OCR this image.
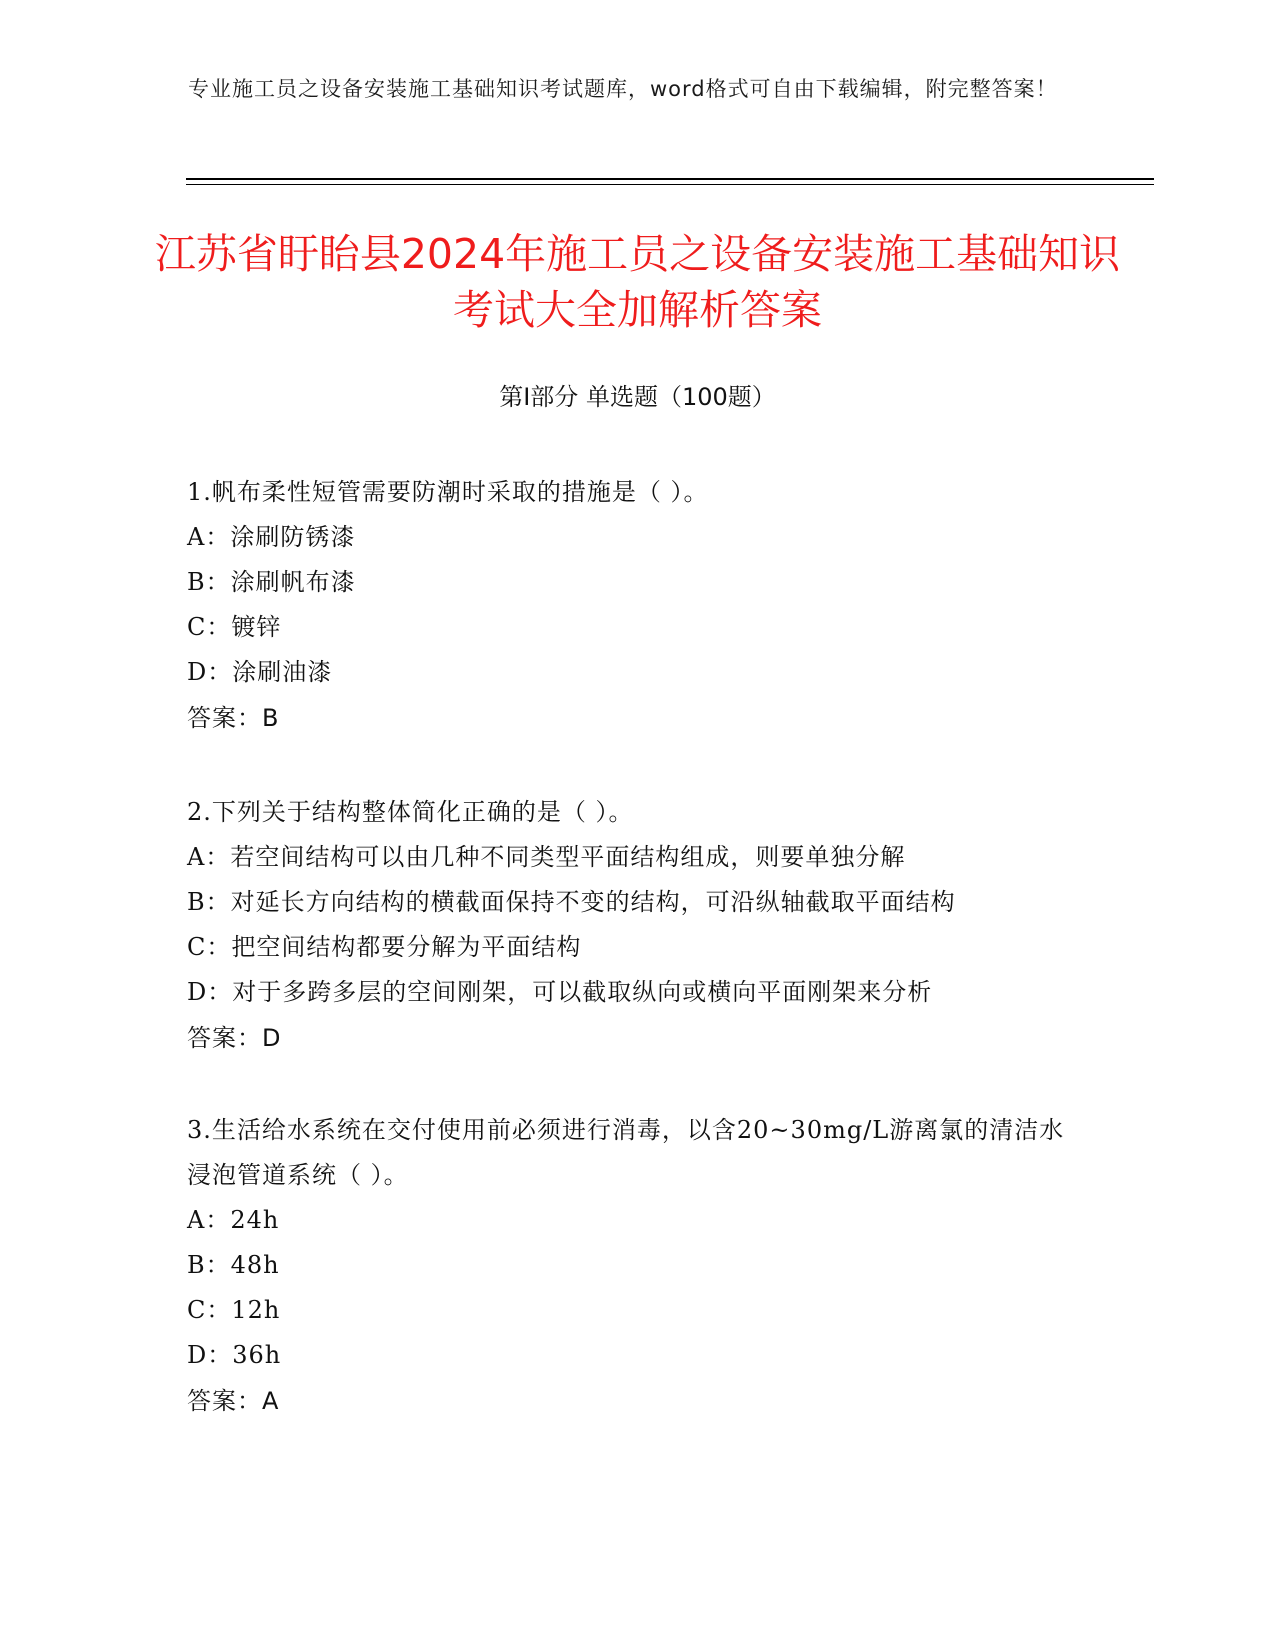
专业施工员之设备安装施工基础知识考试题库，word格式可自由下载编辑，附完整答案！
江苏省盱眙县2024年施工员之设备安装施工基础知识考试大全加解析答案
第Ⅰ部分 单选题（100题）
1.帆布柔性短管需要防潮时采取的措施是（ ）。
A：涂刷防锈漆
B：涂刷帆布漆
C：镀锌
D：涂刷油漆
答案：B
2.下列关于结构整体简化正确的是（ ）。
A：若空间结构可以由几种不同类型平面结构组成，则要单独分解
B：对延长方向结构的横截面保持不变的结构，可沿纵轴截取平面结构
C：把空间结构都要分解为平面结构
D：对于多跨多层的空间刚架，可以截取纵向或横向平面刚架来分析
答案：D
3.生活给水系统在交付使用前必须进行消毒，以含20~30mg/L游离氯的清洁水浸泡管道系统（ ）。
A：24h
B：48h
C：12h
D：36h
答案：A
